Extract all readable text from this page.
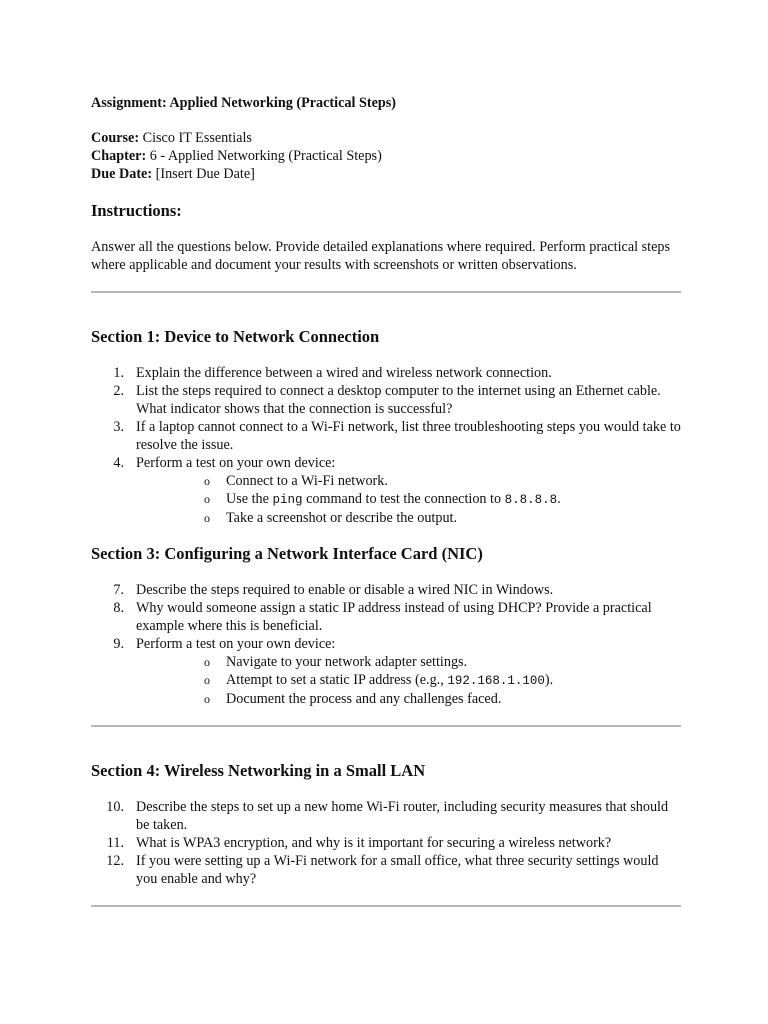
Assignment: Applied Networking (Practical Steps)

Course: Cisco IT Essentials

Chapter: 6 - Applied Networking (Practical Steps)

Due Date: [Insert Due Date]

Instructions:

Answer all the questions below. Provide detailed explanations where required. Perform practical steps where applicable and document your results with screenshots or written observations.

Section 1: Device to Network Connection

1. Explain the difference between a wired and wireless network connection.
2. List the steps required to connect a desktop computer to the internet using an Ethernet cable. What indicator shows that the connection is successful?
3. If a laptop cannot connect to a Wi-Fi network, list three troubleshooting steps you would take to resolve the issue.
4. Perform a test on your own device:
o Connect to a Wi-Fi network.
o Use the ping command to test the connection to 8.8.8.8.
o Take a screenshot or describe the output.

Section 3: Configuring a Network Interface Card (NIC)

7. Describe the steps required to enable or disable a wired NIC in Windows.
8. Why would someone assign a static IP address instead of using DHCP? Provide a practical example where this is beneficial.
9. Perform a test on your own device:
o Navigate to your network adapter settings.
o Attempt to set a static IP address (e.g., 192.168.1.100).
o Document the process and any challenges faced.

Section 4: Wireless Networking in a Small LAN

10. Describe the steps to set up a new home Wi-Fi router, including security measures that should be taken.
11. What is WPA3 encryption, and why is it important for securing a wireless network?
12. If you were setting up a Wi-Fi network for a small office, what three security settings would you enable and why?
